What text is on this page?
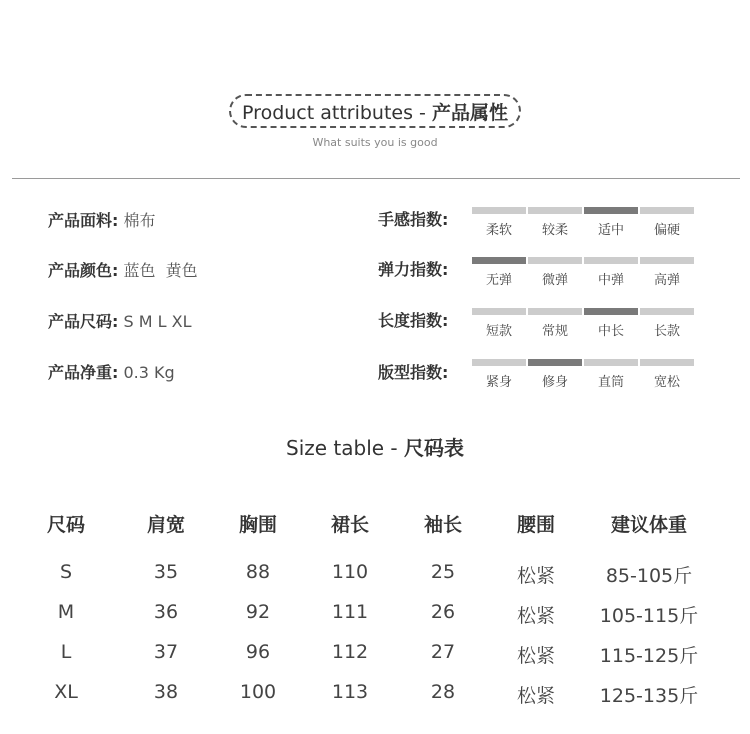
Product attributes - 产品属性
What suits you is good
产品面料: 棉布
产品颜色: 蓝色  黄色
产品尺码: S M L XL
产品净重: 0.3 Kg
手感指数:
弹力指数:
长度指数:
版型指数:
柔软	较柔	适中	偏硬
无弹	微弹	中弹	高弹
短款	常规	中长	长款
紧身	修身	直筒	宽松
Size table - 尺码表
尺码	肩宽	胸围	裙长	袖长	腰围	建议体重
S	35	88	110	25	松紧	85-105斤
M	36	92	111	26	松紧	105-115斤
L	37	96	112	27	松紧	115-125斤
XL	38	100	113	28	松紧	125-135斤
